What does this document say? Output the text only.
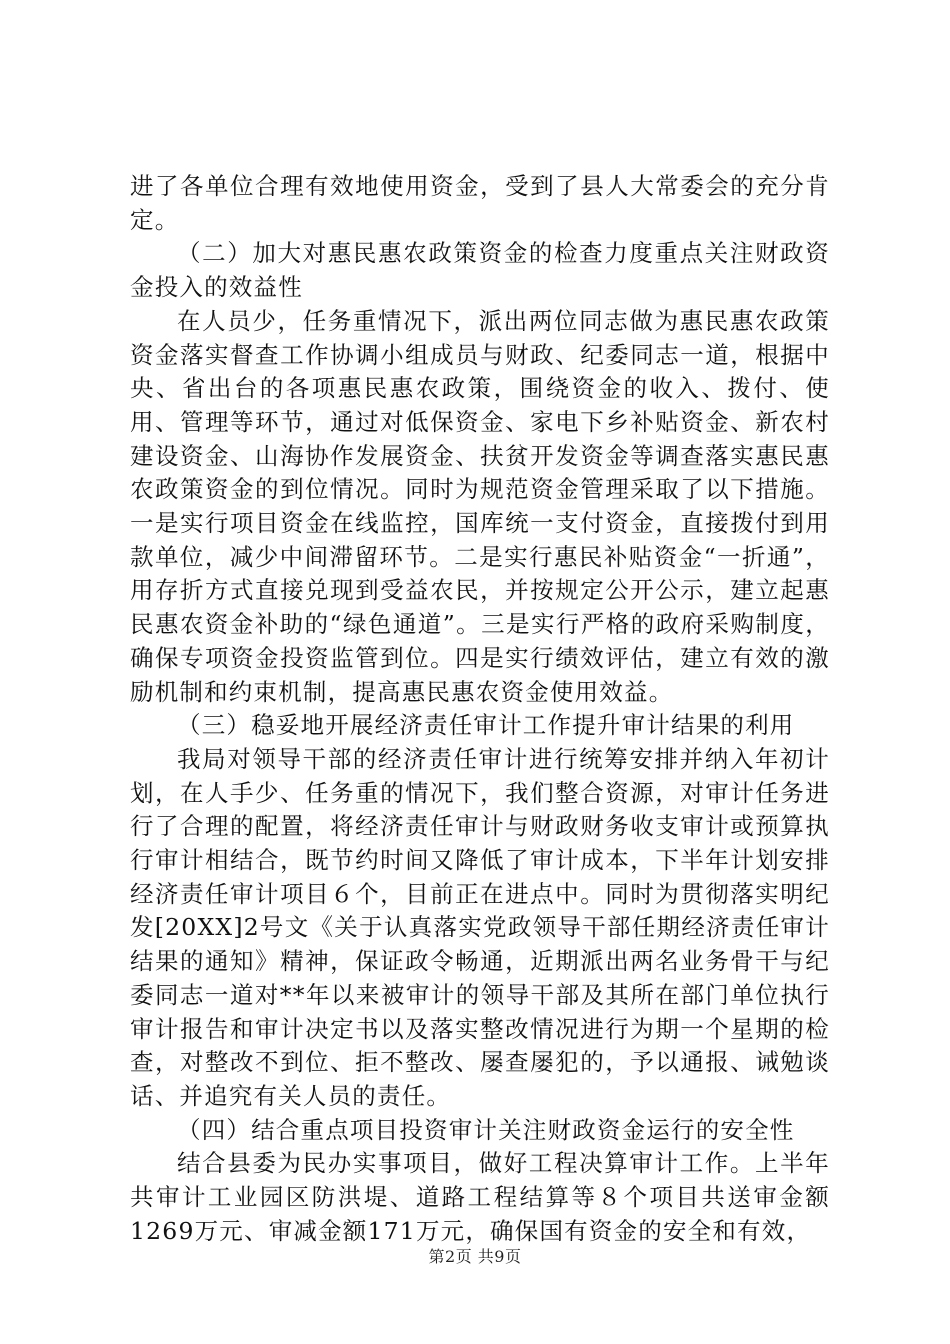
进了各单位合理有效地使用资金，受到了县人大常委会的充分肯定。

（二）加大对惠民惠农政策资金的检查力度重点关注财政资金投入的效益性

在人员少，任务重情况下，派出两位同志做为惠民惠农政策资金落实督查工作协调小组成员与财政、纪委同志一道，根据中央、省出台的各项惠民惠农政策，围绕资金的收入、拨付、使用、管理等环节，通过对低保资金、家电下乡补贴资金、新农村建设资金、山海协作发展资金、扶贫开发资金等调查落实惠民惠农政策资金的到位情况。同时为规范资金管理采取了以下措施。一是实行项目资金在线监控，国库统一支付资金，直接拨付到用款单位，减少中间滞留环节。二是实行惠民补贴资金“一折通”，用存折方式直接兑现到受益农民，并按规定公开公示，建立起惠民惠农资金补助的“绿色通道”。三是实行严格的政府采购制度，确保专项资金投资监管到位。四是实行绩效评估，建立有效的激励机制和约束机制，提高惠民惠农资金使用效益。

（三）稳妥地开展经济责任审计工作提升审计结果的利用

我局对领导干部的经济责任审计进行统筹安排并纳入年初计划，在人手少、任务重的情况下，我们整合资源，对审计任务进行了合理的配置，将经济责任审计与财政财务收支审计或预算执行审计相结合，既节约时间又降低了审计成本，下半年计划安排经济责任审计项目６个，目前正在进点中。同时为贯彻落实明纪发[20XX]2号文《关于认真落实党政领导干部任期经济责任审计结果的通知》精神，保证政令畅通，近期派出两名业务骨干与纪委同志一道对**年以来被审计的领导干部及其所在部门单位执行审计报告和审计决定书以及落实整改情况进行为期一个星期的检查，对整改不到位、拒不整改、屡查屡犯的，予以通报、诫勉谈话、并追究有关人员的责任。

（四）结合重点项目投资审计关注财政资金运行的安全性

结合县委为民办实事项目，做好工程决算审计工作。上半年共审计工业园区防洪堤、道路工程结算等８个项目共送审金额1269万元、审减金额171万元，确保国有资金的安全和有效，

第2页 共9页
